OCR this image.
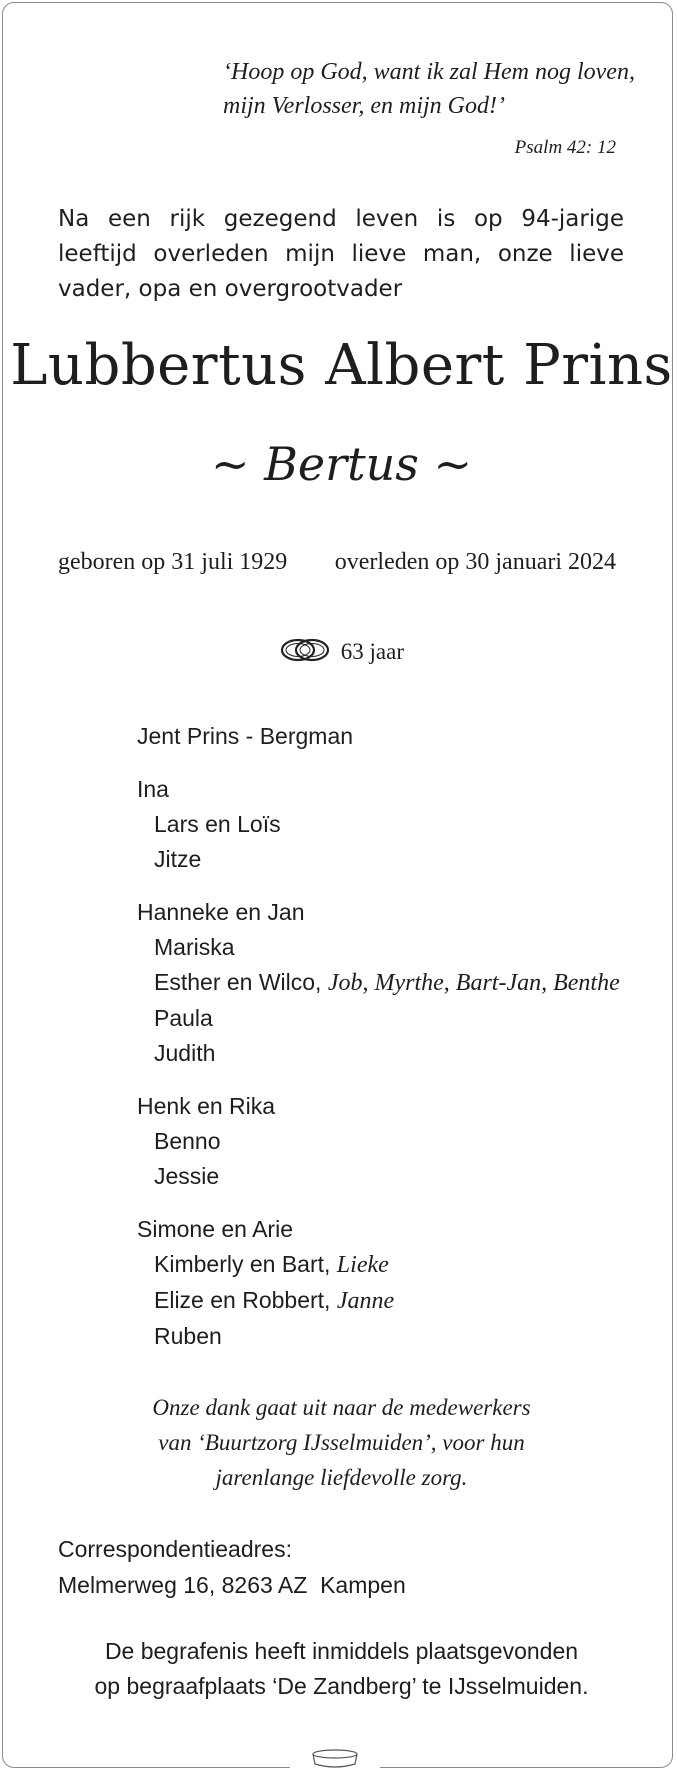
‘Hoop op God, want ik zal Hem nog loven,
mijn Verlosser, en mijn God!’
Psalm 42: 12
Na een rijk gezegend leven is op 94-jarige leeftijd overleden mijn lieve man, onze lieve vader, opa en overgrootvader
Lubbertus Albert Prins
~ Bertus ~
geboren op 31 juli 1929 overleden op 30 januari 2024
63 jaar
Jent Prins - Bergman
Ina
Lars en Loïs
Jitze
Hanneke en Jan
Mariska
Esther en Wilco, Job, Myrthe, Bart-Jan, Benthe
Paula
Judith
Henk en Rika
Benno
Jessie
Simone en Arie
Kimberly en Bart, Lieke
Elize en Robbert, Janne
Ruben
Onze dank gaat uit naar de medewerkers
van ‘Buurtzorg IJsselmuiden’, voor hun
jarenlange liefdevolle zorg.
Correspondentieadres:
Melmerweg 16, 8263 AZ  Kampen
De begrafenis heeft inmiddels plaatsgevonden
op begraafplaats ‘De Zandberg’ te IJsselmuiden.
